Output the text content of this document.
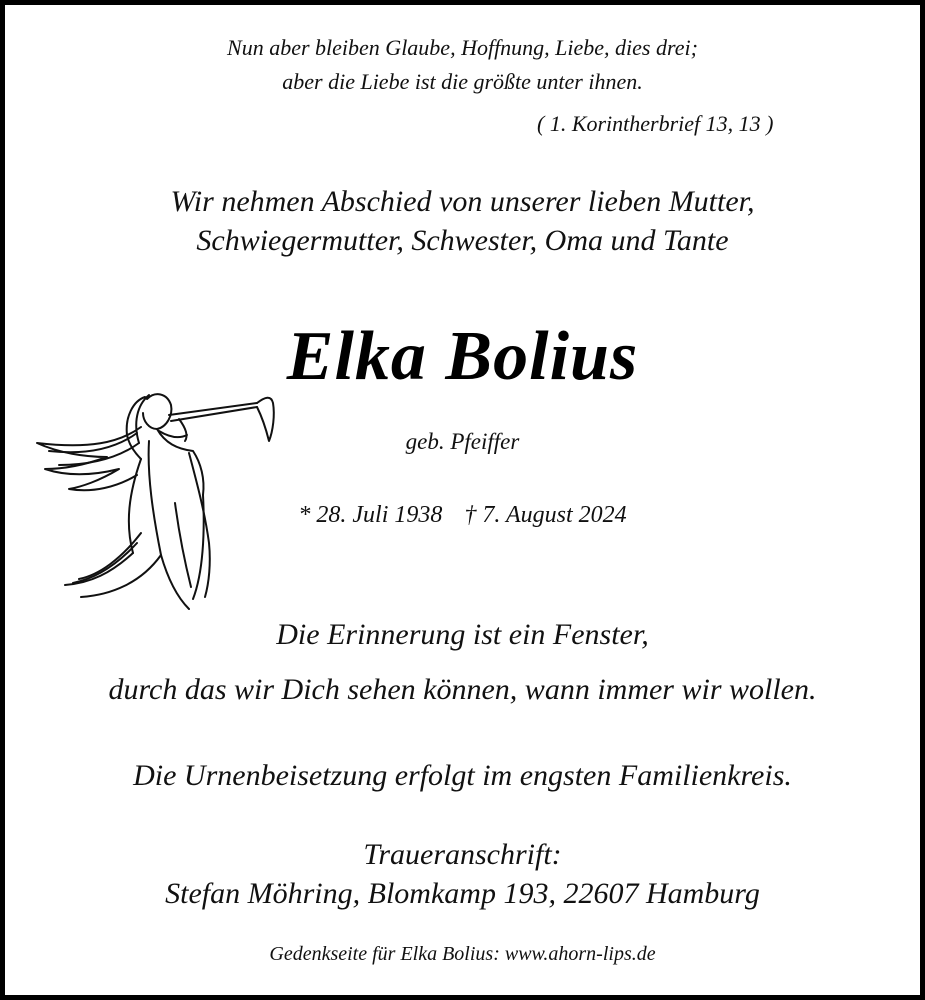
Nun aber bleiben Glaube, Hoffnung, Liebe, dies drei;
aber die Liebe ist die größte unter ihnen.
( 1. Korintherbrief 13, 13 )
Wir nehmen Abschied von unserer lieben Mutter,
Schwiegermutter, Schwester, Oma und Tante
Elka Bolius
geb. Pfeiffer
* 28. Juli 1938 † 7. August 2024
Die Erinnerung ist ein Fenster,
durch das wir Dich sehen können, wann immer wir wollen.
Die Urnenbeisetzung erfolgt im engsten Familienkreis.
Traueranschrift:
Stefan Möhring, Blomkamp 193, 22607 Hamburg
Gedenkseite für Elka Bolius: www.ahorn-lips.de
